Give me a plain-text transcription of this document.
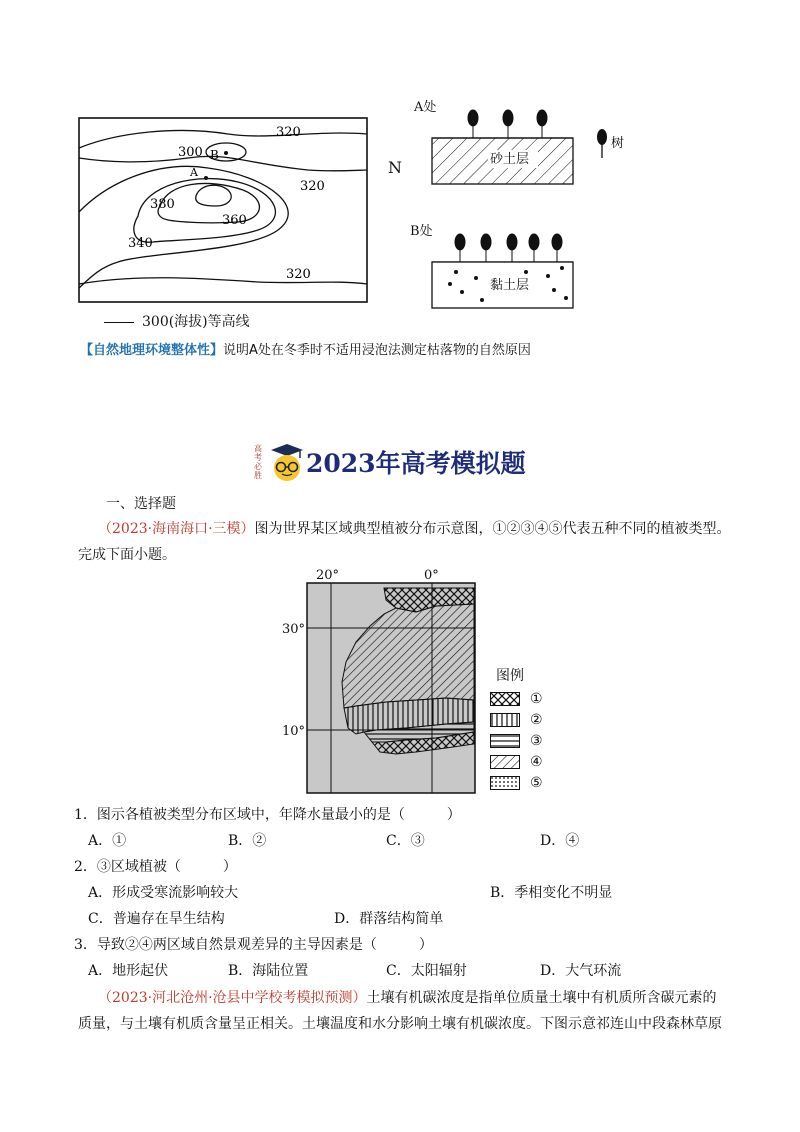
320
300 B
A
320
380
360
340
320
N
300(海拔)等高线
A处
砂土层
树
B处
黏土层
【自然地理环境整体性】说明A处在冬季时不适用浸泡法测定枯落物的自然原因
高考必胜 2023年高考模拟题
一、选择题
（2023·海南海口·三模）图为世界某区域典型植被分布示意图，①②③④⑤代表五种不同的植被类型。
完成下面小题。
20°	0°
30°
10°
图例
①
②
③
④
⑤
1．图示各植被类型分布区域中，年降水量最小的是（　　　）
A．①	B．②	C．③	D．④
2．③区域植被（　　　）
A．形成受寒流影响较大	B．季相变化不明显
C．普遍存在旱生结构	D．群落结构简单
3．导致②④两区域自然景观差异的主导因素是（　　　）
A．地形起伏	B．海陆位置	C．太阳辐射	D．大气环流
（2023·河北沧州·沧县中学校考模拟预测）土壤有机碳浓度是指单位质量土壤中有机质所含碳元素的
质量，与土壤有机质含量呈正相关。土壤温度和水分影响土壤有机碳浓度。下图示意祁连山中段森林草原
